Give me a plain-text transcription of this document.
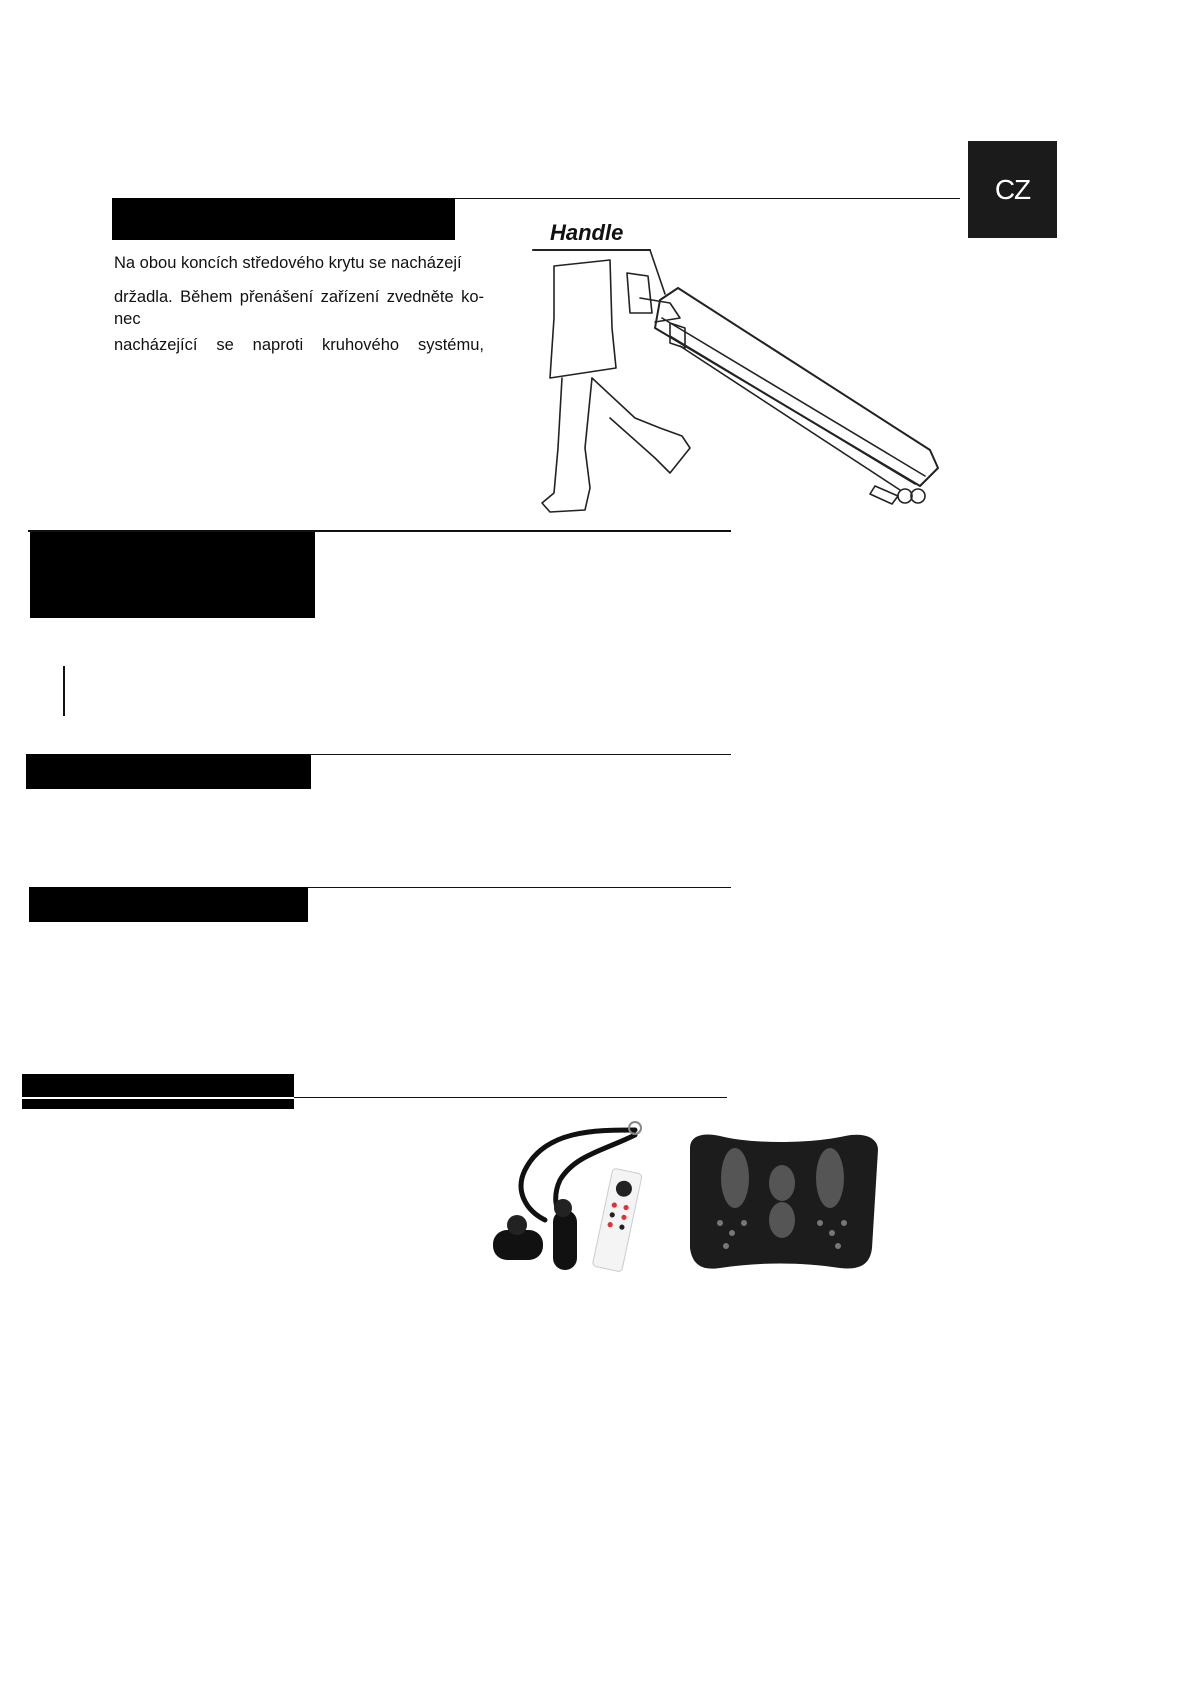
CZ

Na obou koncích středového krytu se nacházejí

držadla. Během přenášení zařízení zvedněte ko-nec

nacházející se naproti kruhového systému,

Handle
